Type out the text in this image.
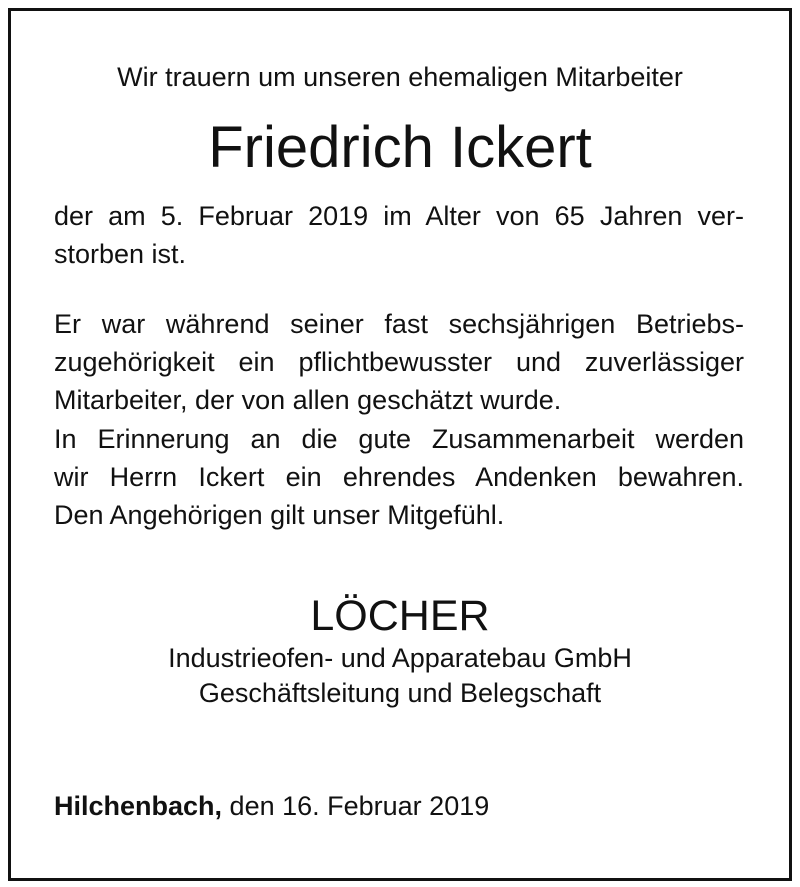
Wir trauern um unseren ehemaligen Mitarbeiter
Friedrich Ickert

der am 5. Februar 2019 im Alter von 65 Jahren ver-
storben ist.

Er war während seiner fast sechsjährigen Betriebs-
zugehörigkeit ein pflichtbewusster und zuverlässiger
Mitarbeiter, der von allen geschätzt wurde.

In Erinnerung an die gute Zusammenarbeit werden
wir Herrn Ickert ein ehrendes Andenken bewahren.
Den Angehörigen gilt unser Mitgefühl.

LÖCHER
Industrieofen- und Apparatebau GmbH
Geschäftsleitung und Belegschaft
Hilchenbach, den 16. Februar 2019
